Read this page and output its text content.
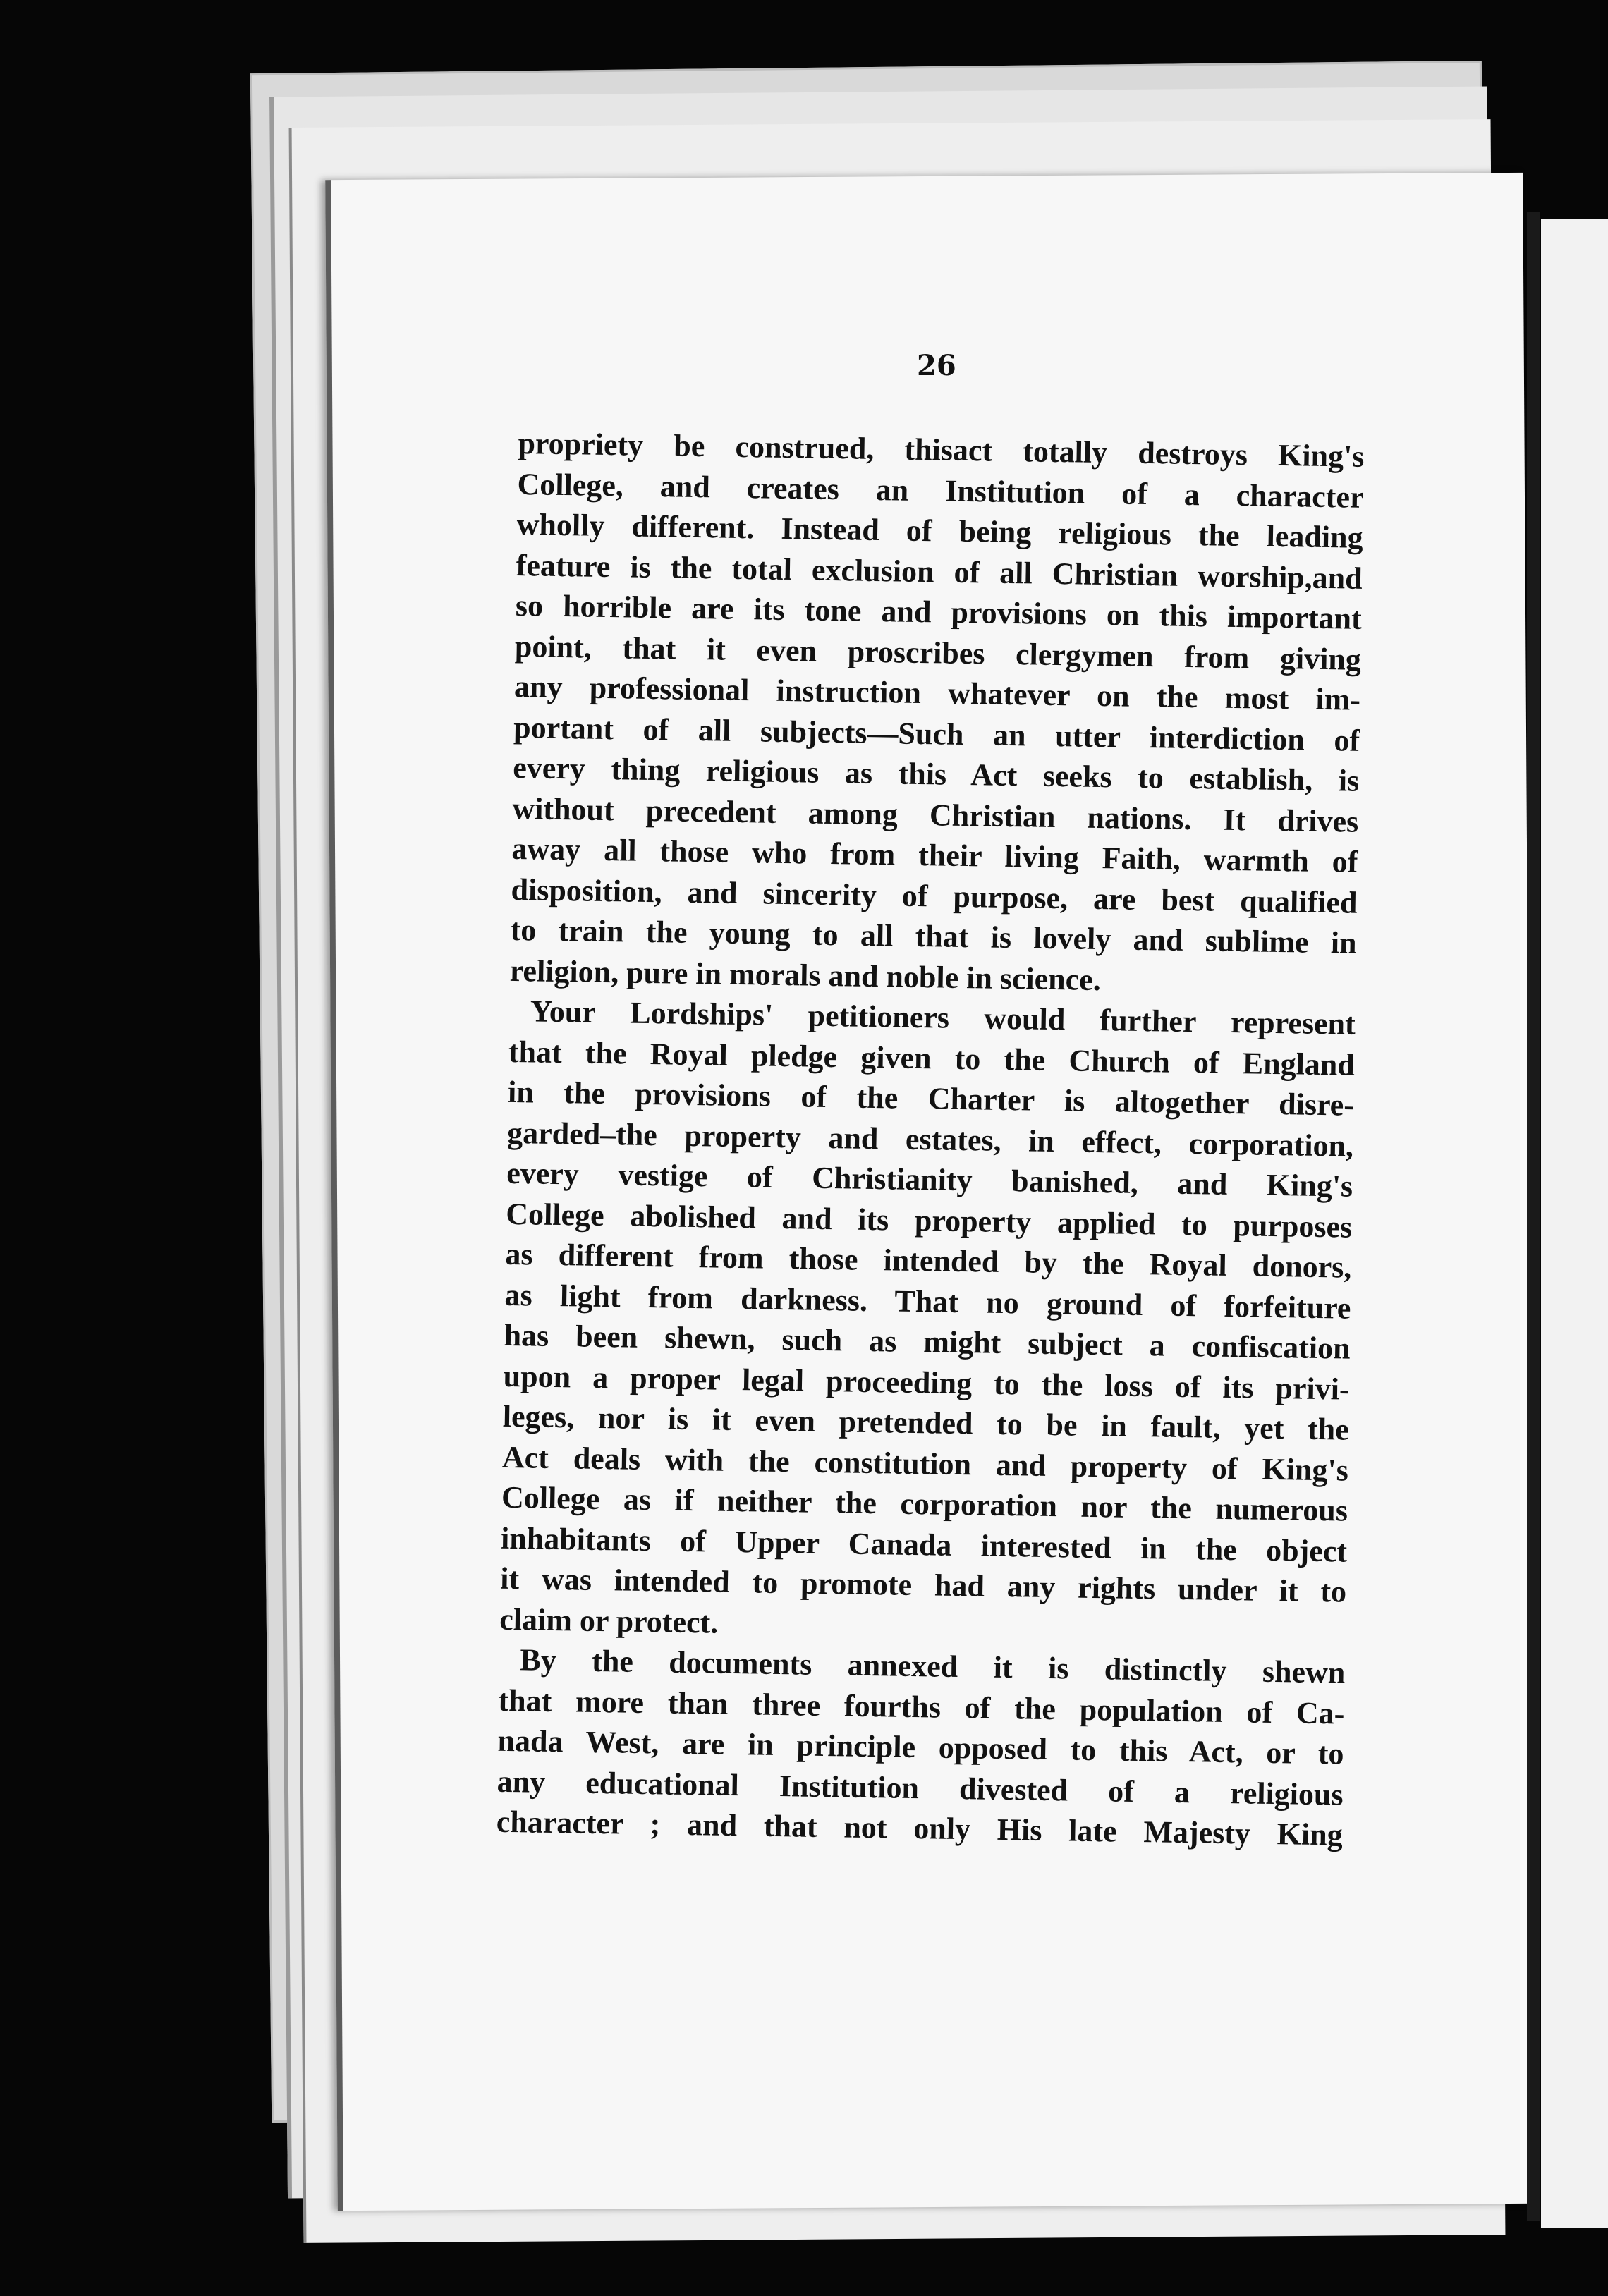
26
propriety be construed, thisact totally destroys King's
College, and creates an Institution of a character
wholly different. Instead of being religious the leading
feature is the total exclusion of all Christian worship,and
so horrible are its tone and provisions on this important
point, that it even proscribes clergymen from giving
any professional instruction whatever on the most im-
portant of all subjects—Such an utter interdiction of
every thing religious as this Act seeks to establish, is
without precedent among Christian nations. It drives
away all those who from their living Faith, warmth of
disposition, and sincerity of purpose, are best qualified
to train the young to all that is lovely and sublime in
religion, pure in morals and noble in science.
Your Lordships' petitioners would further represent
that the Royal pledge given to the Church of England
in the provisions of the Charter is altogether disre-
garded–the property and estates, in effect, corporation,
every vestige of Christianity banished, and King's
College abolished and its property applied to purposes
as different from those intended by the Royal donors,
as light from darkness. That no ground of forfeiture
has been shewn, such as might subject a confiscation
upon a proper legal proceeding to the loss of its privi-
leges, nor is it even pretended to be in fault, yet the
Act deals with the constitution and property of King's
College as if neither the corporation nor the numerous
inhabitants of Upper Canada interested in the object
it was intended to promote had any rights under it to
claim or protect.
By the documents annexed it is distinctly shewn
that more than three fourths of the population of Ca-
nada West, are in principle opposed to this Act, or to
any educational Institution divested of a religious
character ; and that not only His late Majesty King
